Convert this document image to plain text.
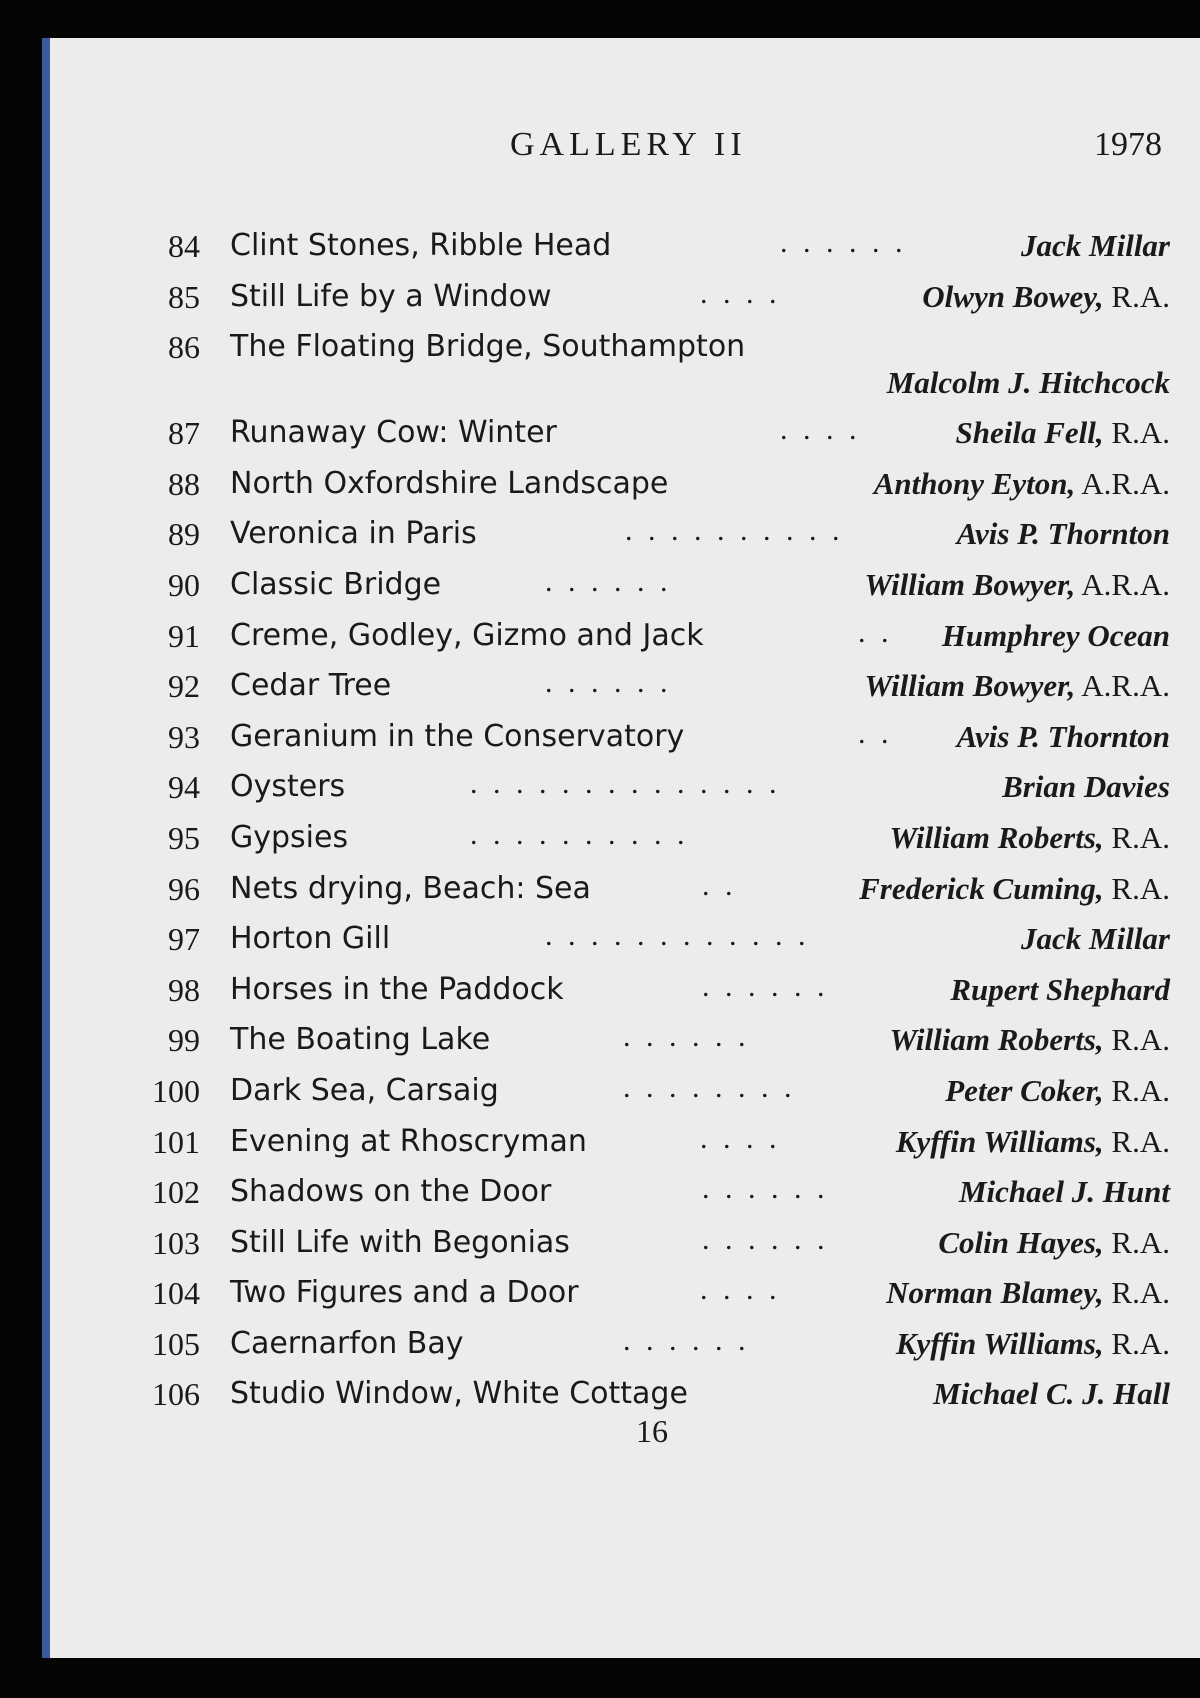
GALLERY II	1978
84 Clint Stones, Ribble Head	. . . . . .	Jack Millar
85 Still Life by a Window	. . . .	Olwyn Bowey, R.A.
86 The Floating Bridge, Southampton
Malcolm J. Hitchcock
87 Runaway Cow: Winter	. . . .	Sheila Fell, R.A.
88 North Oxfordshire Landscape	Anthony Eyton, A.R.A.
89 Veronica in Paris	. . . . . . . . . .	Avis P. Thornton
90 Classic Bridge	. . . . . .	William Bowyer, A.R.A.
91 Creme, Godley, Gizmo and Jack	. . Humphrey Ocean
92 Cedar Tree	. . . . . .	William Bowyer, A.R.A.
93 Geranium in the Conservatory	. . Avis P. Thornton
94 Oysters	. . . . . . . . . . . . . .	Brian Davies
95 Gypsies	. . . . . . . . . .	William Roberts, R.A.
96 Nets drying, Beach: Sea	. .	Frederick Cuming, R.A.
97 Horton Gill	. . . . . . . . . . . .	Jack Millar
98 Horses in the Paddock	. . . . . .	Rupert Shephard
99 The Boating Lake	. . . . . .	William Roberts, R.A.
100 Dark Sea, Carsaig	. . . . . . . .	Peter Coker, R.A.
101 Evening at Rhoscryman	. . . .	Kyffin Williams, R.A.
102 Shadows on the Door	. . . . . .	Michael J. Hunt
103 Still Life with Begonias	. . . . . .	Colin Hayes, R.A.
104 Two Figures and a Door	. . . .	Norman Blamey, R.A.
105 Caernarfon Bay	. . . . . .	Kyffin Williams, R.A.
106 Studio Window, White Cottage	Michael C. J. Hall
16
